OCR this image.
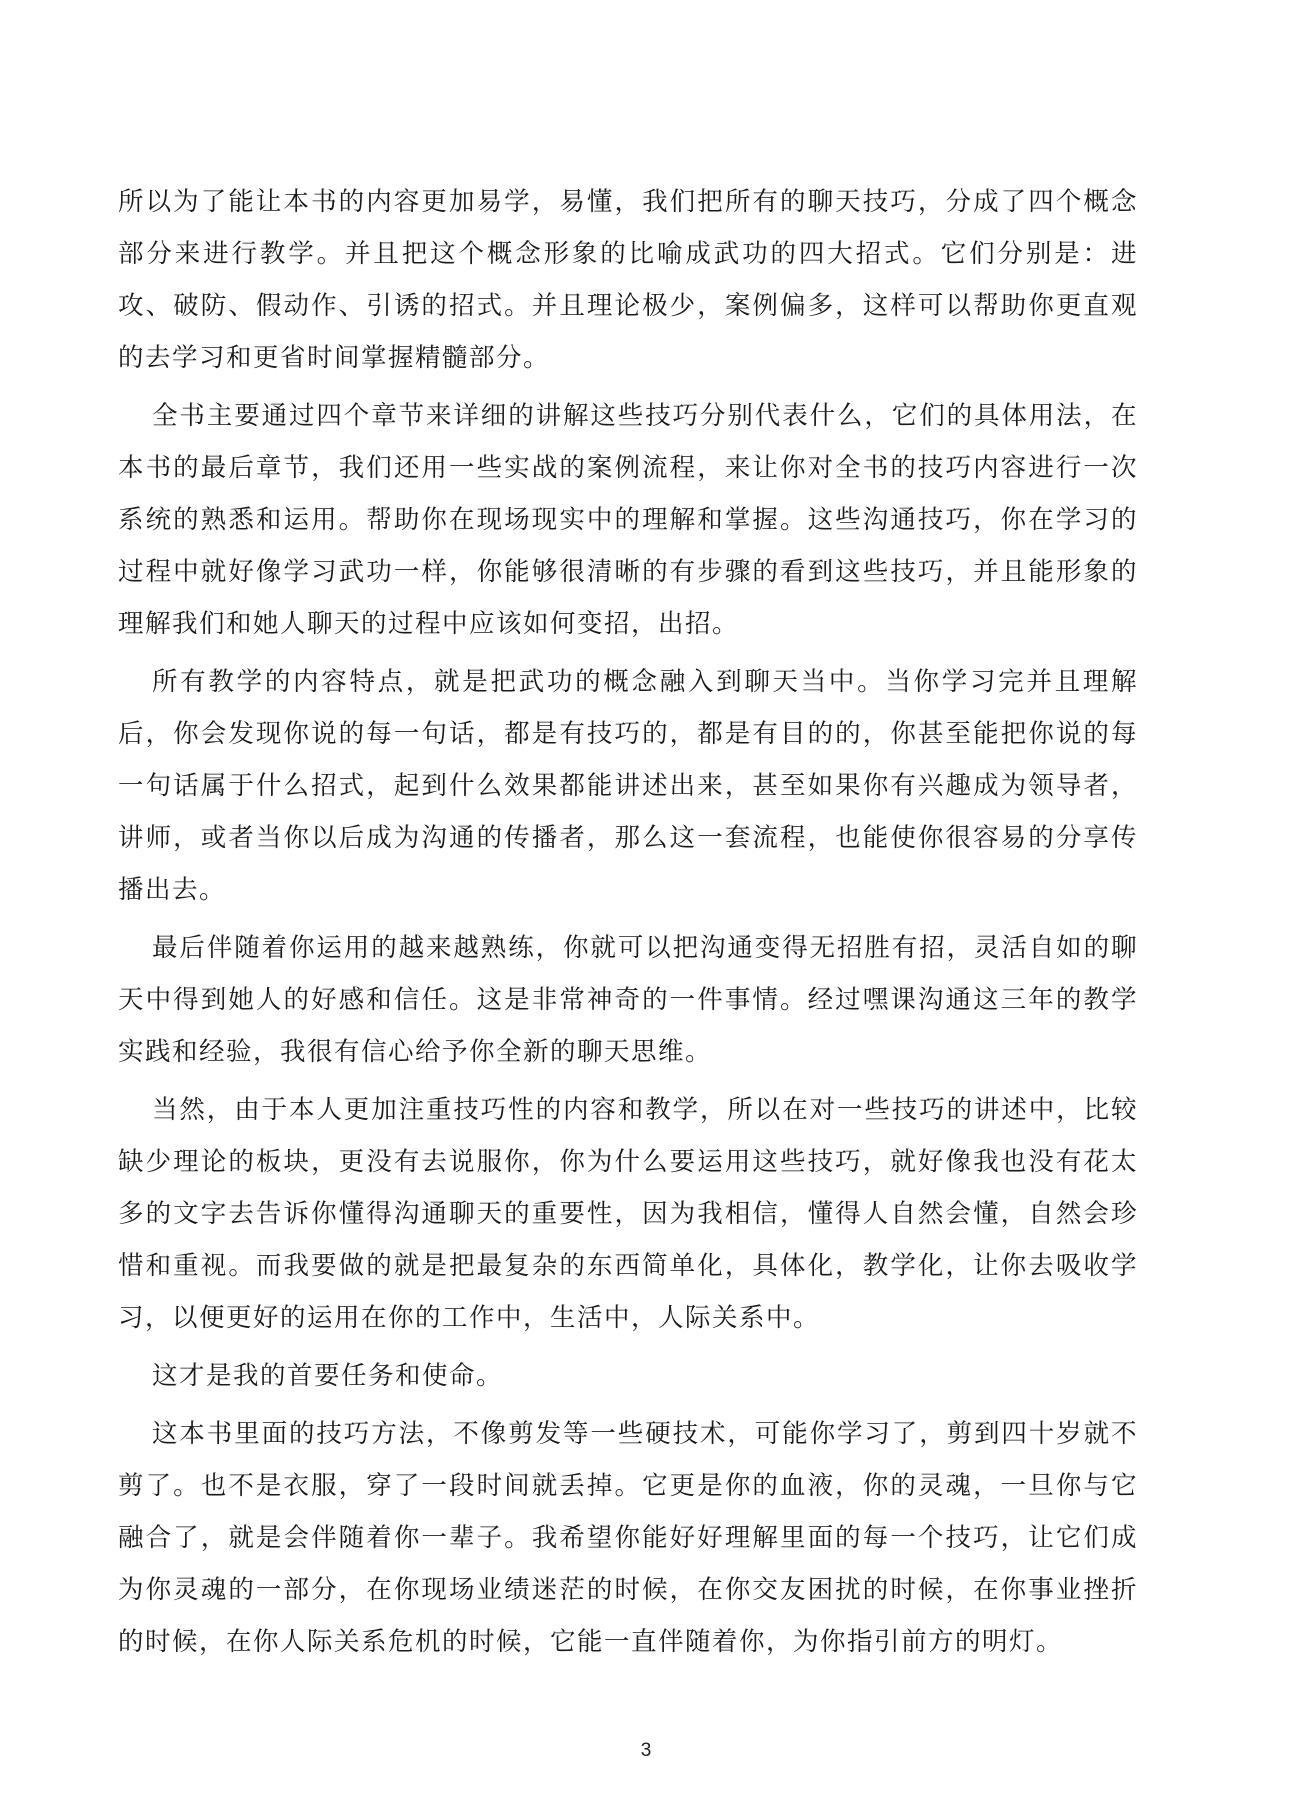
所以为了能让本书的内容更加易学，易懂，我们把所有的聊天技巧，分成了四个概念部分来进行教学。并且把这个概念形象的比喻成武功的四大招式。它们分别是：进攻、破防、假动作、引诱的招式。并且理论极少，案例偏多，这样可以帮助你更直观的去学习和更省时间掌握精髓部分。

全书主要通过四个章节来详细的讲解这些技巧分别代表什么，它们的具体用法，在本书的最后章节，我们还用一些实战的案例流程，来让你对全书的技巧内容进行一次系统的熟悉和运用。帮助你在现场现实中的理解和掌握。这些沟通技巧，你在学习的过程中就好像学习武功一样，你能够很清晰的有步骤的看到这些技巧，并且能形象的理解我们和她人聊天的过程中应该如何变招，出招。

所有教学的内容特点，就是把武功的概念融入到聊天当中。当你学习完并且理解后，你会发现你说的每一句话，都是有技巧的，都是有目的的，你甚至能把你说的每一句话属于什么招式，起到什么效果都能讲述出来，甚至如果你有兴趣成为领导者，讲师，或者当你以后成为沟通的传播者，那么这一套流程，也能使你很容易的分享传播出去。

最后伴随着你运用的越来越熟练，你就可以把沟通变得无招胜有招，灵活自如的聊天中得到她人的好感和信任。这是非常神奇的一件事情。经过嘿课沟通这三年的教学实践和经验，我很有信心给予你全新的聊天思维。

当然，由于本人更加注重技巧性的内容和教学，所以在对一些技巧的讲述中，比较缺少理论的板块，更没有去说服你，你为什么要运用这些技巧，就好像我也没有花太多的文字去告诉你懂得沟通聊天的重要性，因为我相信，懂得人自然会懂，自然会珍惜和重视。而我要做的就是把最复杂的东西简单化，具体化，教学化，让你去吸收学习，以便更好的运用在你的工作中，生活中，人际关系中。

这才是我的首要任务和使命。

这本书里面的技巧方法，不像剪发等一些硬技术，可能你学习了，剪到四十岁就不剪了。也不是衣服，穿了一段时间就丢掉。它更是你的血液，你的灵魂，一旦你与它融合了，就是会伴随着你一辈子。我希望你能好好理解里面的每一个技巧，让它们成为你灵魂的一部分，在你现场业绩迷茫的时候，在你交友困扰的时候，在你事业挫折的时候，在你人际关系危机的时候，它能一直伴随着你，为你指引前方的明灯。

3
